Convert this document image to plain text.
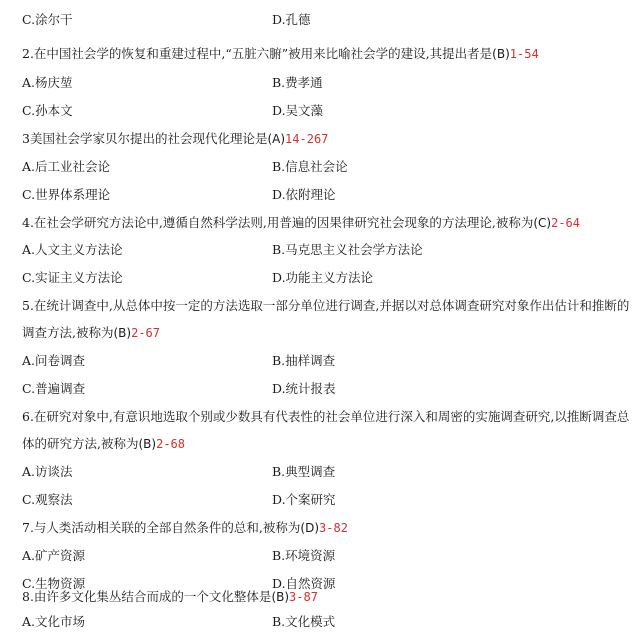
C.涂尔干	D.孔德
2.在中国社会学的恢复和重建过程中,“五脏六腑”被用来比喻社会学的建设,其提出者是(B)1-54
A.杨庆堃	B.费孝通
C.孙本文	D.吴文藻
3美国社会学家贝尔提出的社会现代化理论是(A)14-267
A.后工业社会论	B.信息社会论
C.世界体系理论	D.依附理论
4.在社会学研究方法论中,遵循自然科学法则,用普遍的因果律研究社会现象的方法理论,被称为(C)2-64
A.人文主义方法论	B.马克思主义社会学方法论
C.实证主义方法论	D.功能主义方法论
5.在统计调查中,从总体中按一定的方法选取一部分单位进行调查,并据以对总体调查研究对象作出估计和推断的
调查方法,被称为(B)2-67
A.问卷调查	B.抽样调查
C.普遍调查	D.统计报表
6.在研究对象中,有意识地选取个别或少数具有代表性的社会单位进行深入和周密的实施调查研究,以推断调查总
体的研究方法,被称为(B)2-68
A.访谈法	B.典型调查
C.观察法	D.个案研究
7.与人类活动相关联的全部自然条件的总和,被称为(D)3-82
A.矿产资源	B.环境资源
C.生物资源	D.自然资源
8.由许多文化集丛结合而成的一个文化整体是(B)3-87
A.文化市场	B.文化模式
